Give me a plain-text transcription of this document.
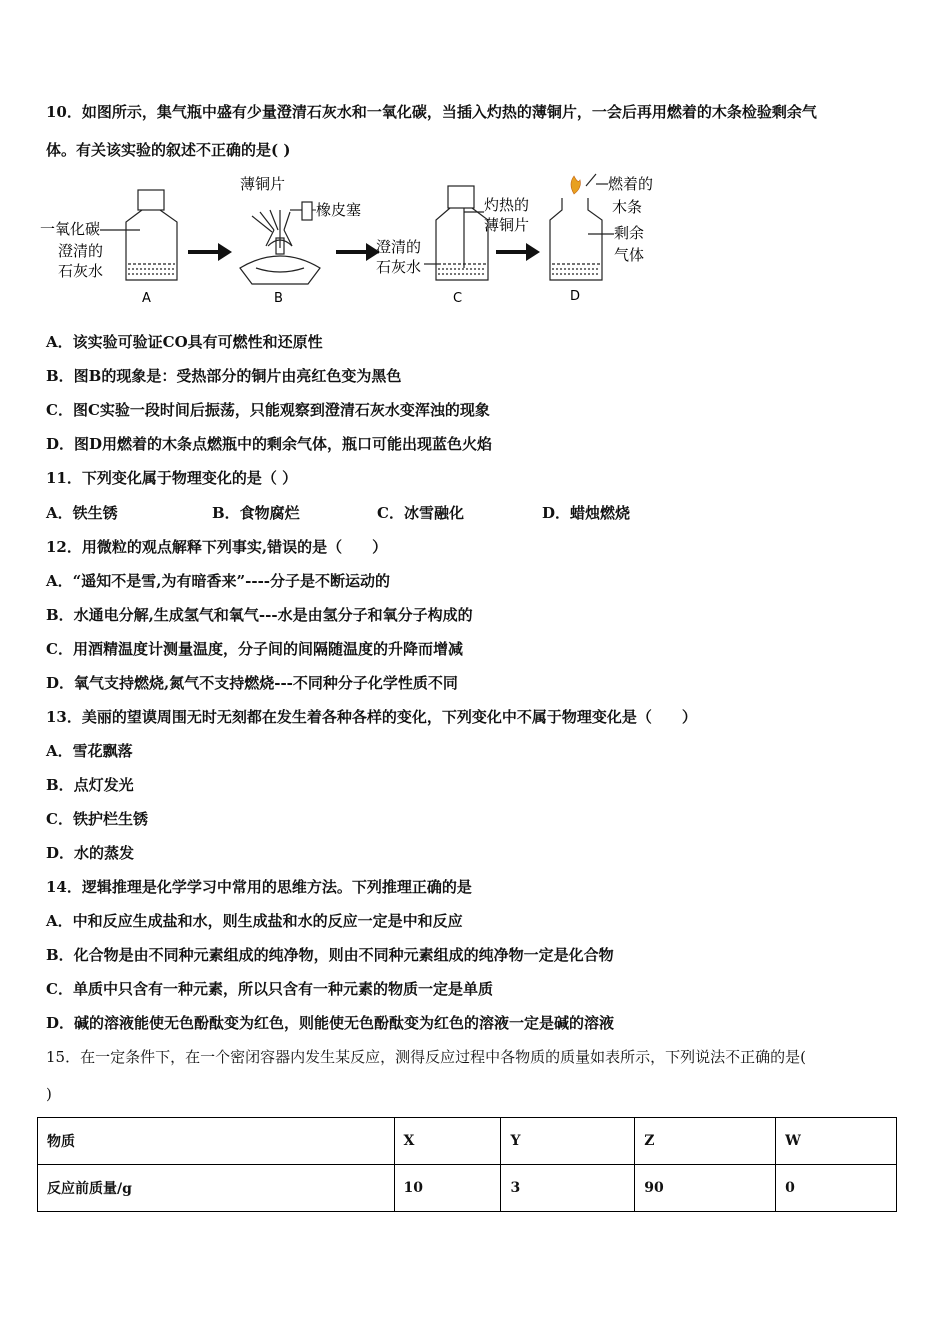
10．如图所示，集气瓶中盛有少量澄清石灰水和一氧化碳，当插入灼热的薄铜片，一会后再用燃着的木条检验剩余气
体。有关该实验的叙述不正确的是( )
一氧化碳
澄清的
石灰水
A
薄铜片
橡皮塞
B
澄清的
石灰水
灼热的
薄铜片
C
燃着的
木条
剩余
气体
D
A．该实验可验证CO具有可燃性和还原性
B．图B的现象是：受热部分的铜片由亮红色变为黑色
C．图C实验一段时间后振荡，只能观察到澄清石灰水变浑浊的现象
D．图D用燃着的木条点燃瓶中的剩余气体，瓶口可能出现蓝色火焰
11．下列变化属于物理变化的是（ ）
A．铁生锈	B．食物腐烂	C．冰雪融化	D．蜡烛燃烧
12．用微粒的观点解释下列事实,错误的是（　　）
A．“遥知不是雪,为有暗香来”----分子是不断运动的
B．水通电分解,生成氢气和氧气---水是由氢分子和氧分子构成的
C．用酒精温度计测量温度，分子间的间隔随温度的升降而增减
D．氧气支持燃烧,氮气不支持燃烧---不同种分子化学性质不同
13．美丽的望谟周围无时无刻都在发生着各种各样的变化，下列变化中不属于物理变化是（　　）
A．雪花飘落
B．点灯发光
C．铁护栏生锈
D．水的蒸发
14．逻辑推理是化学学习中常用的思维方法。下列推理正确的是
A．中和反应生成盐和水，则生成盐和水的反应一定是中和反应
B．化合物是由不同种元素组成的纯净物，则由不同种元素组成的纯净物一定是化合物
C．单质中只含有一种元素，所以只含有一种元素的物质一定是单质
D．碱的溶液能使无色酚酞变为红色，则能使无色酚酞变为红色的溶液一定是碱的溶液
15．在一定条件下，在一个密闭容器内发生某反应，测得反应过程中各物质的质量如表所示，下列说法不正确的是(
)
物质	X	Y	Z	W
反应前质量/g	10	3	90	0
